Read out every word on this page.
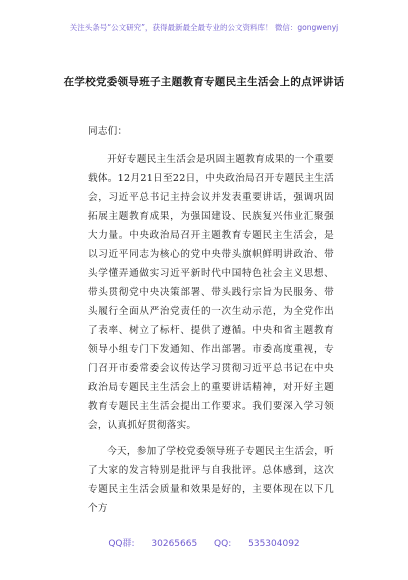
关注头条号“公文研究”，获得最新最全最专业的公文资料库！ 微信：gongwenyj
在学校党委领导班子主题教育专题民主生活会上的点评讲话
同志们：
开好专题民主生活会是巩固主题教育成果的一个重要载体。12月21日至22日，中央政治局召开专题民主生活会，习近平总书记主持会议并发表重要讲话，强调巩固拓展主题教育成果，为强国建设、民族复兴伟业汇聚强大力量。中央政治局召开主题教育专题民主生活会，是以习近平同志为核心的党中央带头旗帜鲜明讲政治、带头学懂弄通做实习近平新时代中国特色社会主义思想、带头贯彻党中央决策部署、带头践行宗旨为民服务、带头履行全面从严治党责任的一次生动示范，为全党作出了表率、树立了标杆、提供了遵循。中央和省主题教育领导小组专门下发通知、作出部署。市委高度重视，专门召开市委常委会议传达学习贯彻习近平总书记在中央政治局专题民主生活会上的重要讲话精神，对开好主题教育专题民主生活会提出工作要求。我们要深入学习领会，认真抓好贯彻落实。
今天，参加了学校党委领导班子专题民主生活会，听了大家的发言特别是批评与自我批评。总体感到，这次专题民主生活会质量和效果是好的，主要体现在以下几个方
QQ群: 30265665 QQ: 535304092
